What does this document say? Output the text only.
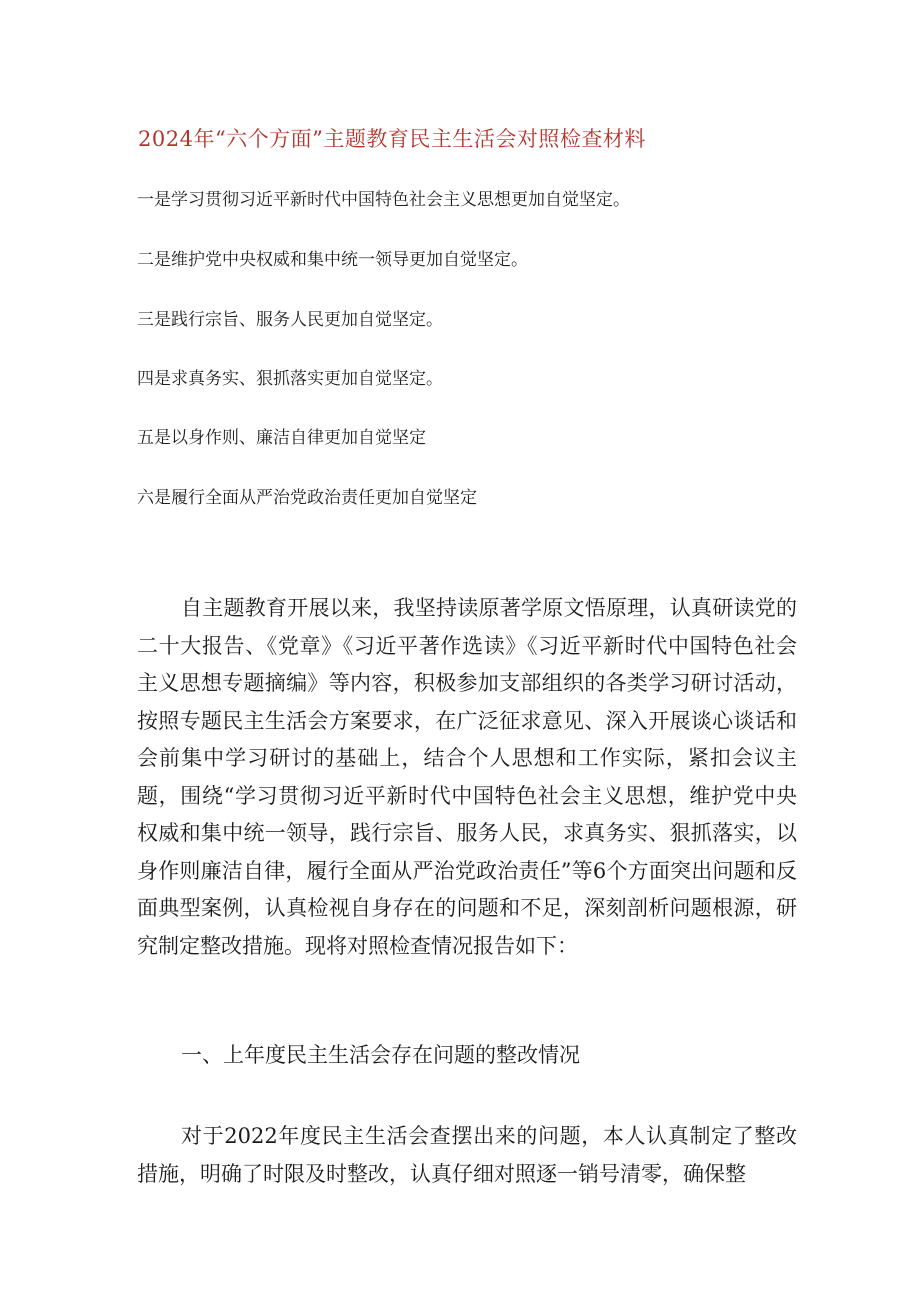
2024年“六个方面”主题教育民主生活会对照检查材料

一是学习贯彻习近平新时代中国特色社会主义思想更加自觉坚定。

二是维护党中央权威和集中统一领导更加自觉坚定。

三是践行宗旨、服务人民更加自觉坚定。

四是求真务实、狠抓落实更加自觉坚定。

五是以身作则、廉洁自律更加自觉坚定

六是履行全面从严治党政治责任更加自觉坚定

自主题教育开展以来，我坚持读原著学原文悟原理，认真研读党的二十大报告、《党章》《习近平著作选读》《习近平新时代中国特色社会主义思想专题摘编》等内容，积极参加支部组织的各类学习研讨活动，按照专题民主生活会方案要求，在广泛征求意见、深入开展谈心谈话和会前集中学习研讨的基础上，结合个人思想和工作实际，紧扣会议主题，围绕“学习贯彻习近平新时代中国特色社会主义思想，维护党中央权威和集中统一领导，践行宗旨、服务人民，求真务实、狠抓落实，以身作则廉洁自律，履行全面从严治党政治责任”等6个方面突出问题和反面典型案例，认真检视自身存在的问题和不足，深刻剖析问题根源，研究制定整改措施。现将对照检查情况报告如下：

一、上年度民主生活会存在问题的整改情况

对于2022年度民主生活会查摆出来的问题，本人认真制定了整改措施，明确了时限及时整改，认真仔细对照逐一销号清零，确保整
